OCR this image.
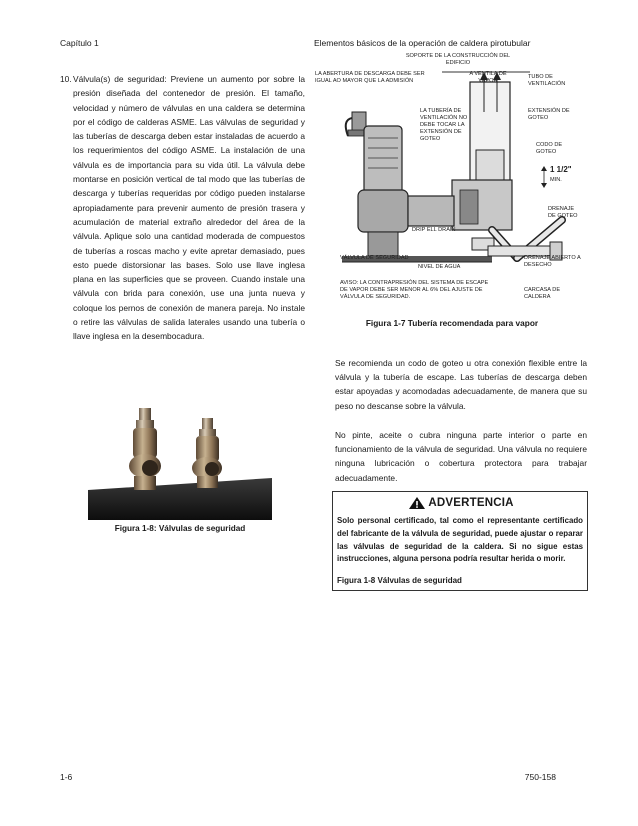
Capítulo 1	Elementos básicos de la operación de caldera pirotubular
10. Válvula(s) de seguridad: Previene un aumento por sobre la presión diseñada del contenedor de presión. El tamaño, velocidad y número de válvulas en una caldera se determina por el código de calderas ASME. Las válvulas de seguridad y las tuberías de descarga deben estar instaladas de acuerdo a los requerimientos del código ASME. La instalación de una válvula es de importancia para su vida útil. La válvula debe montarse en posición vertical de tal modo que las tuberías de descarga y tuberías requeridas por código pueden instalarse apropiadamente para prevenir aumento de presión trasera y acumulación de material extraño alrededor del área de la válvula. Aplique solo una cantidad moderada de compuestos de tuberías a roscas macho y evite apretar demasiado, pues esto puede distorsionar las bases. Solo use llave inglesa plana en las superficies que se proveen. Cuando instale una válvula con brida para conexión, use una junta nueva y coloque los pernos de conexión de manera pareja. No instale o retire las válvulas de salida laterales usando una tubería o llave inglesa en la desembocadura.
Figura 1-8: Válvulas de seguridad
SOPORTE DE LA CONSTRUCCIÓN DEL EDIFICIO
LA ABERTURA DE DESCARGA DEBE SER IGUAL AO MAYOR QUE LA ADMISIÓN
A VENTILA DE VAPOR
TUBO DE VENTILACIÓN
LA TUBERÍA DE VENTILACIÓN NO DEBE TOCAR LA EXTENSIÓN DE GOTEO
EXTENSIÓN DE GOTEO
CODO DE GOTEO
1 1/2"
MIN.
DRENAJE DE GOTEO
DRIP ELL DRAIN
VÁLVULA DE SEGURIDAD
NIVEL DE AGUA
DRENAJE ABIERTO A DESECHO
AVISO: LA CONTRAPRESIÓN DEL SISTEMA DE ESCAPE DE VAPOR DEBE SER MENOR AL 6% DEL AJUSTE DE VÁLVULA DE SEGURIDAD.
CARCASA DE CALDERA
Figura 1-7 Tubería recomendada para vapor

Se recomienda un codo de goteo u otra conexión flexible entre la válvula y la tubería de escape. Las tuberías de descarga deben estar apoyadas y acomodadas adecuadamente, de manera que su peso no descanse sobre la válvula.

No pinte, aceite o cubra ninguna parte interior o parte en funcionamiento de la válvula de seguridad. Una válvula no requiere ninguna lubricación o cobertura protectora para trabajar adecuadamente.

ADVERTENCIA
Solo personal certificado, tal como el representante certificado del fabricante de la válvula de seguridad, puede ajustar o reparar las válvulas de seguridad de la caldera. Si no sigue estas instrucciones, alguna persona podría resultar herida o morir.
Figura 1-8 Válvulas de seguridad
1-6	750-158
